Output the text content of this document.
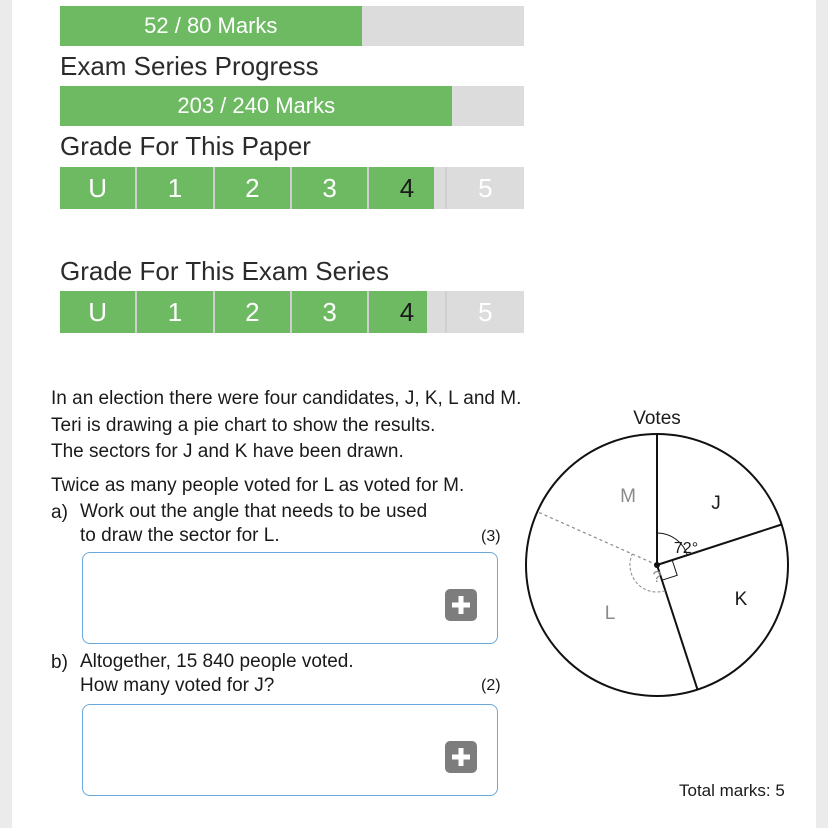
52 / 80 Marks
Exam Series Progress
203 / 240 Marks
Grade For This Paper
U	1	2	3	4	5
Grade For This Exam Series
U	1	2	3	4	5
In an election there were four candidates, J, K, L and M.
Teri is drawing a pie chart to show the results.
The sectors for J and K have been drawn.
Twice as many people voted for L as voted for M.
a) Work out the angle that needs to be used
to draw the sector for L.	(3)
b) Altogether, 15 840 people voted.
How many voted for J?	(2)
Total marks: 5
Votes
J
K
L
M
72°
?
